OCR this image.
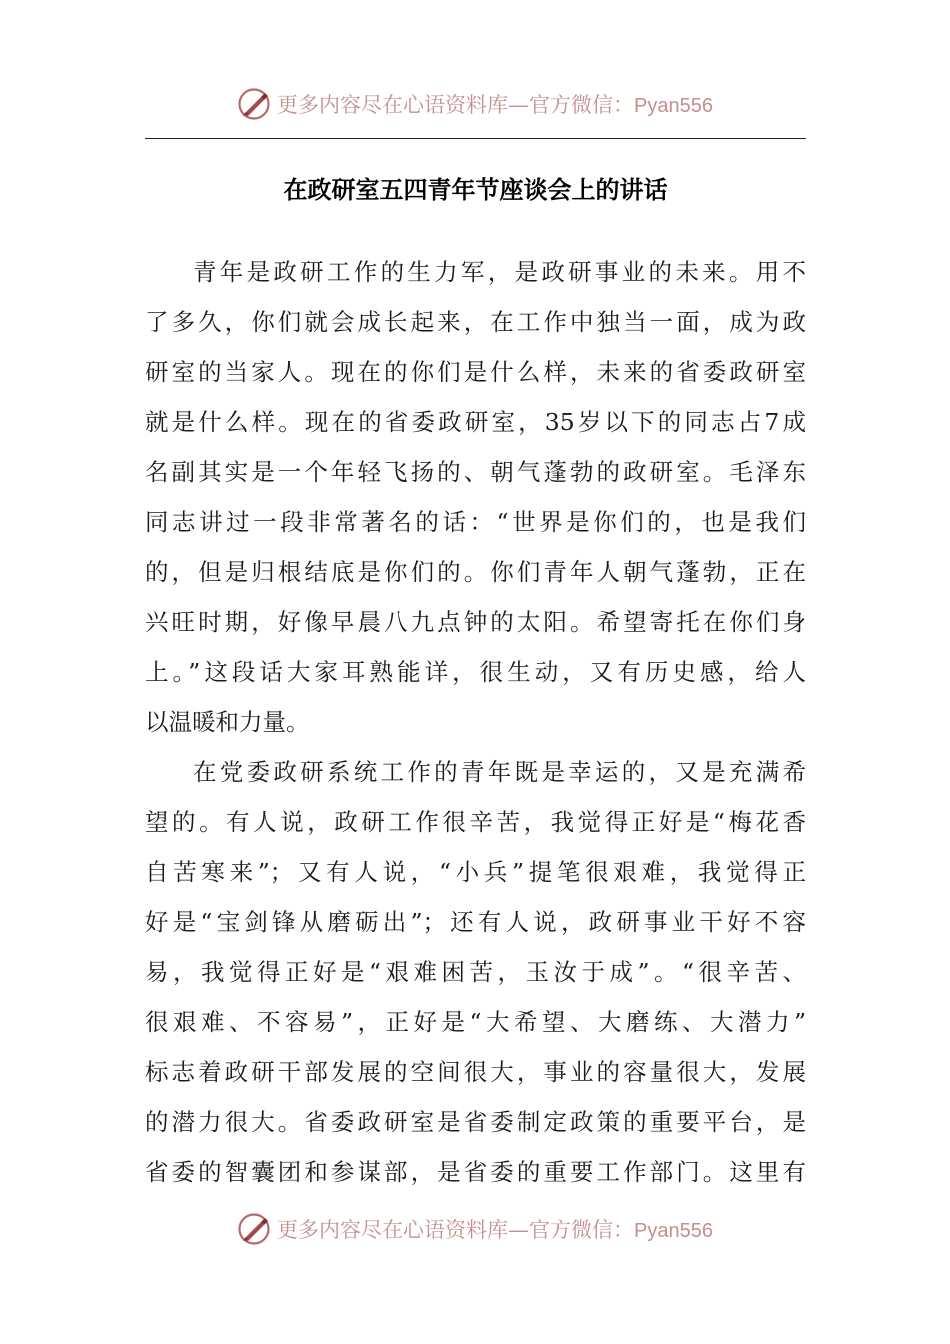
更多内容尽在心语资料库—官方微信：Pyan556
在政研室五四青年节座谈会上的讲话
青年是政研工作的生力军，是政研事业的未来。用不
了多久，你们就会成长起来，在工作中独当一面，成为政
研室的当家人。现在的你们是什么样，未来的省委政研室
就是什么样。现在的省委政研室，35岁以下的同志占7成
名副其实是一个年轻飞扬的、朝气蓬勃的政研室。毛泽东
同志讲过一段非常著名的话：“世界是你们的，也是我们
的，但是归根结底是你们的。你们青年人朝气蓬勃，正在
兴旺时期，好像早晨八九点钟的太阳。希望寄托在你们身
上。”这段话大家耳熟能详，很生动，又有历史感，给人
以温暖和力量。
在党委政研系统工作的青年既是幸运的，又是充满希
望的。有人说，政研工作很辛苦，我觉得正好是“梅花香
自苦寒来”；又有人说，“小兵”提笔很艰难，我觉得正
好是“宝剑锋从磨砺出”；还有人说，政研事业干好不容
易，我觉得正好是“艰难困苦，玉汝于成”。“很辛苦、
很艰难、不容易”，正好是“大希望、大磨练、大潜力”
标志着政研干部发展的空间很大，事业的容量很大，发展
的潜力很大。省委政研室是省委制定政策的重要平台，是
省委的智囊团和参谋部，是省委的重要工作部门。这里有
更多内容尽在心语资料库—官方微信：Pyan556
